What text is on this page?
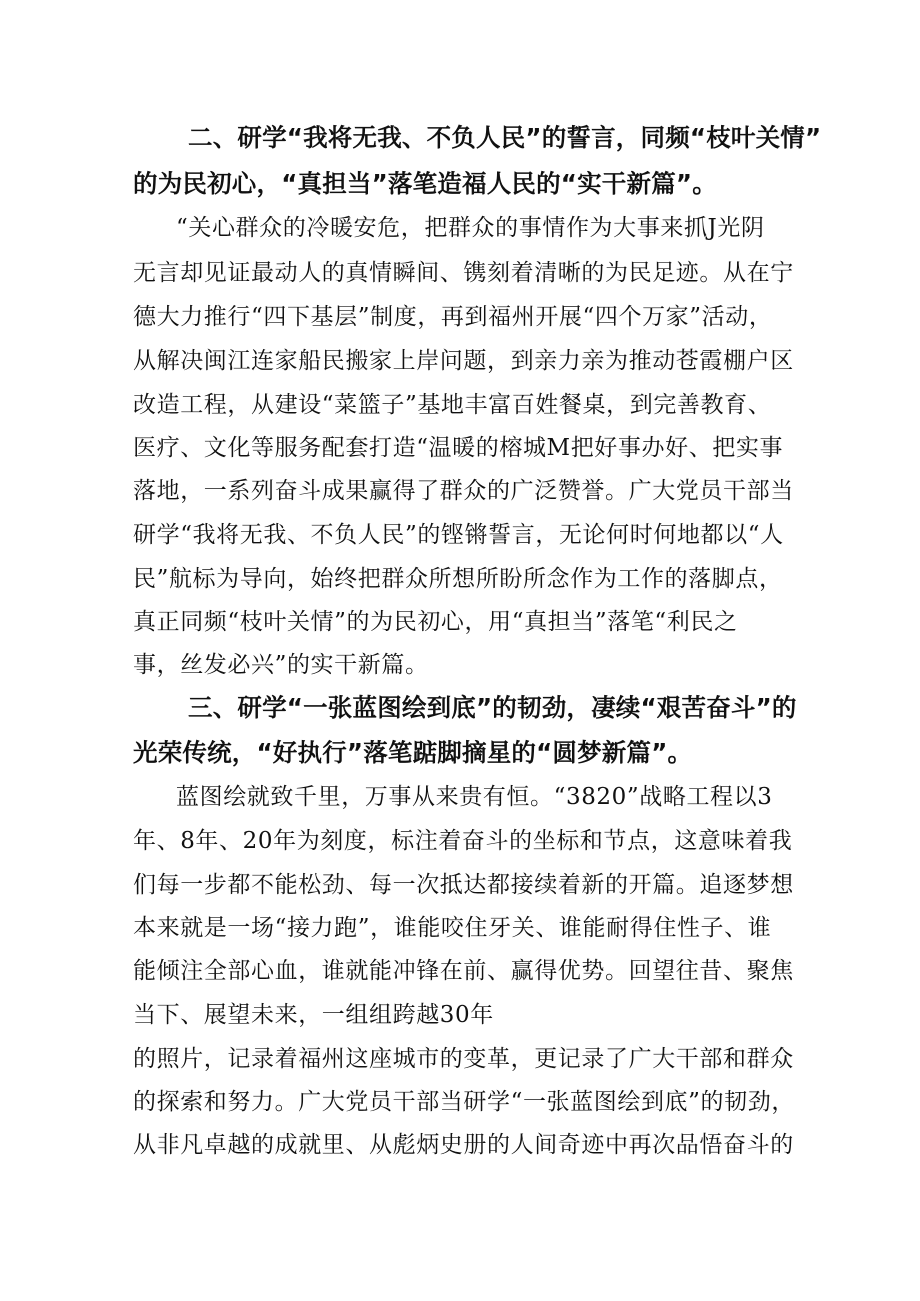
二、研学“我将无我、不负人民”的誓言，同频“枝叶关情”

的为民初心，“真担当”落笔造福人民的“实干新篇”。

“关心群众的冷暖安危，把群众的事情作为大事来抓J光阴

无言却见证最动人的真情瞬间、镌刻着清晰的为民足迹。从在宁

德大力推行“四下基层”制度，再到福州开展“四个万家”活动，

从解决闽江连家船民搬家上岸问题，到亲力亲为推动苍霞棚户区

改造工程，从建设“菜篮子”基地丰富百姓餐桌，到完善教育、

医疗、文化等服务配套打造“温暖的榕城M把好事办好、把实事

落地，一系列奋斗成果赢得了群众的广泛赞誉。广大党员干部当

研学“我将无我、不负人民”的铿锵誓言，无论何时何地都以“人

民”航标为导向，始终把群众所想所盼所念作为工作的落脚点，

真正同频“枝叶关情”的为民初心，用“真担当”落笔“利民之

事，丝发必兴”的实干新篇。

三、研学“一张蓝图绘到底”的韧劲，凄续“艰苦奋斗”的

光荣传统，“好执行”落笔踮脚摘星的“圆梦新篇”。

蓝图绘就致千里，万事从来贵有恒。“3820”战略工程以3

年、8年、20年为刻度，标注着奋斗的坐标和节点，这意味着我

们每一步都不能松劲、每一次抵达都接续着新的开篇。追逐梦想

本来就是一场“接力跑”，谁能咬住牙关、谁能耐得住性子、谁

能倾注全部心血，谁就能冲锋在前、赢得优势。回望往昔、聚焦

当下、展望未来，一组组跨越30年

的照片，记录着福州这座城市的变革，更记录了广大干部和群众

的探索和努力。广大党员干部当研学“一张蓝图绘到底”的韧劲，

从非凡卓越的成就里、从彪炳史册的人间奇迹中再次品悟奋斗的
